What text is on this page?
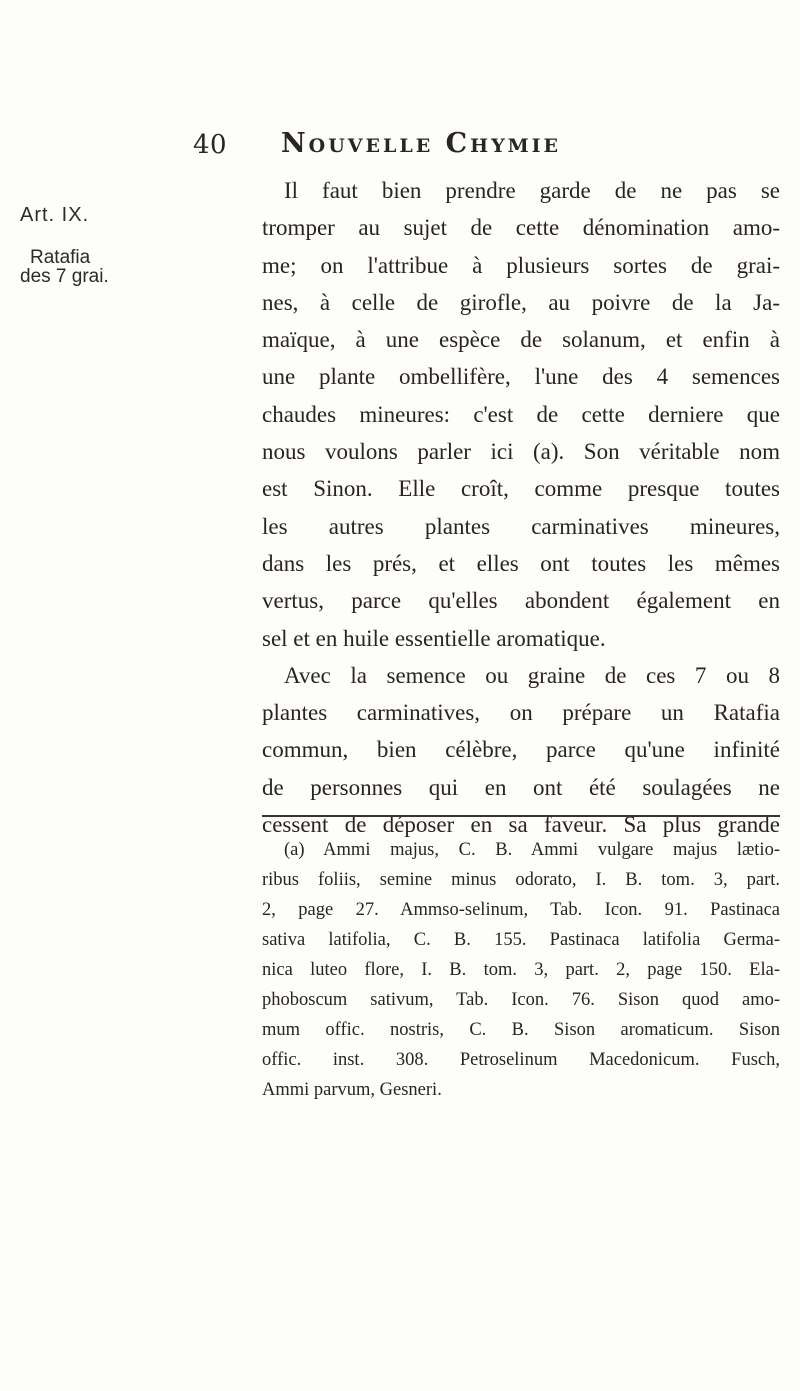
40 Nouvelle Chymie
Art. IX.
Ratafia
des 7 grai.
Il faut bien prendre garde de ne pas se
tromper au sujet de cette dénomination amo-
me; on l'attribue à plusieurs sortes de grai-
nes, à celle de girofle, au poivre de la Ja-
maïque, à une espèce de solanum, et enfin à
une plante ombellifère, l'une des 4 semences
chaudes mineures: c'est de cette derniere que
nous voulons parler ici (a). Son véritable nom
est Sinon. Elle croît, comme presque toutes
les autres plantes carminatives mineures,
dans les prés, et elles ont toutes les mêmes
vertus, parce qu'elles abondent également en
sel et en huile essentielle aromatique.
Avec la semence ou graine de ces 7 ou 8
plantes carminatives, on prépare un Ratafia
commun, bien célèbre, parce qu'une infinité
de personnes qui en ont été soulagées ne
cessent de déposer en sa faveur. Sa plus grande
(a) Ammi majus, C. B. Ammi vulgare majus lætio-
ribus foliis, semine minus odorato, I. B. tom. 3, part.
2, page 27. Ammso-selinum, Tab. Icon. 91. Pastinaca
sativa latifolia, C. B. 155. Pastinaca latifolia Germa-
nica luteo flore, I. B. tom. 3, part. 2, page 150. Ela-
phoboscum sativum, Tab. Icon. 76. Sison quod amo-
mum offic. nostris, C. B. Sison aromaticum. Sison
offic. inst. 308. Petroselinum Macedonicum. Fusch,
Ammi parvum, Gesneri.
